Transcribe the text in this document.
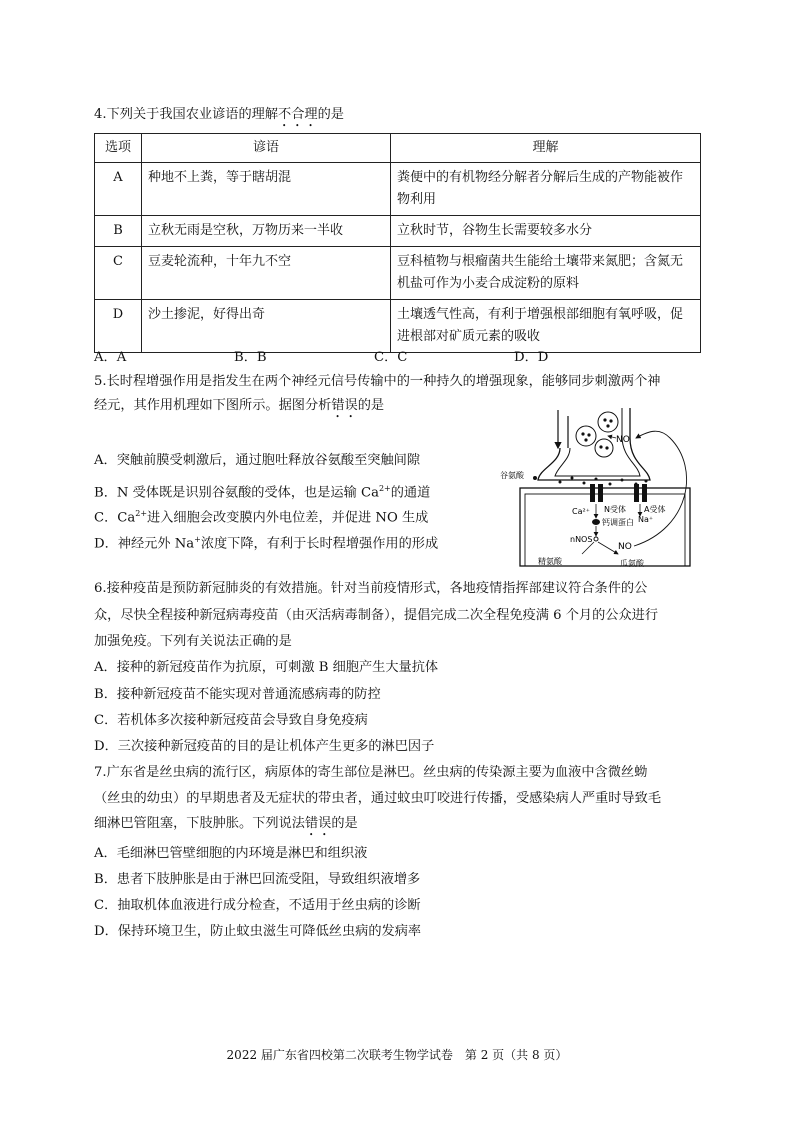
4.下列关于我国农业谚语的理解不合理的是
选项	谚语	理解
A	种地不上粪，等于瞎胡混	粪便中的有机物经分解者分解后生成的产物能被作
物利用

B	立秋无雨是空秋，万物历来一半收	立秋时节，谷物生长需要较多水分

C	豆麦轮流种，十年九不空	豆科植物与根瘤菌共生能给土壤带来氮肥；含氮无
机盐可作为小麦合成淀粉的原料

D	沙土掺泥，好得出奇	土壤透气性高，有利于增强根部细胞有氧呼吸，促
进根部对矿质元素的吸收
A．A	B．B	C．C	D．D
5.长时程增强作用是指发生在两个神经元信号传输中的一种持久的增强现象，能够同步刺激两个神
经元，其作用机理如下图所示。据图分析错误的是
A．突触前膜受刺激后，通过胞吐释放谷氨酸至突触间隙
B．N 受体既是识别谷氨酸的受体，也是运输 $Ca^{2+}$的通道
C．$Ca^{2+}$进入细胞会改变膜内外电位差，并促进 NO 生成
D．神经元外 Na+浓度下降，有利于长时程增强作用的形成
NO
谷氨酸
N受体 A受体
Ca²⁺
Na⁺
钙调蛋白
nNOS
精氨酸
NO
瓜氨酸
6.接种疫苗是预防新冠肺炎的有效措施。针对当前疫情形式，各地疫情指挥部建议符合条件的公
众，尽快全程接种新冠病毒疫苗（由灭活病毒制备），提倡完成二次全程免疫满 6 个月的公众进行
加强免疫。下列有关说法正确的是
A．接种的新冠疫苗作为抗原，可刺激 B 细胞产生大量抗体
B．接种新冠疫苗不能实现对普通流感病毒的防控
C．若机体多次接种新冠疫苗会导致自身免疫病
D．三次接种新冠疫苗的目的是让机体产生更多的淋巴因子
7.广东省是丝虫病的流行区，病原体的寄生部位是淋巴。丝虫病的传染源主要为血液中含微丝蚴
（丝虫的幼虫）的早期患者及无症状的带虫者，通过蚊虫叮咬进行传播，受感染病人严重时导致毛
细淋巴管阻塞，下肢肿胀。下列说法错误的是
A．毛细淋巴管壁细胞的内环境是淋巴和组织液
B．患者下肢肿胀是由于淋巴回流受阻，导致组织液增多
C．抽取机体血液进行成分检查，不适用于丝虫病的诊断
D．保持环境卫生，防止蚊虫滋生可降低丝虫病的发病率
2022 届广东省四校第二次联考生物学试卷　第 2 页（共 8 页）
